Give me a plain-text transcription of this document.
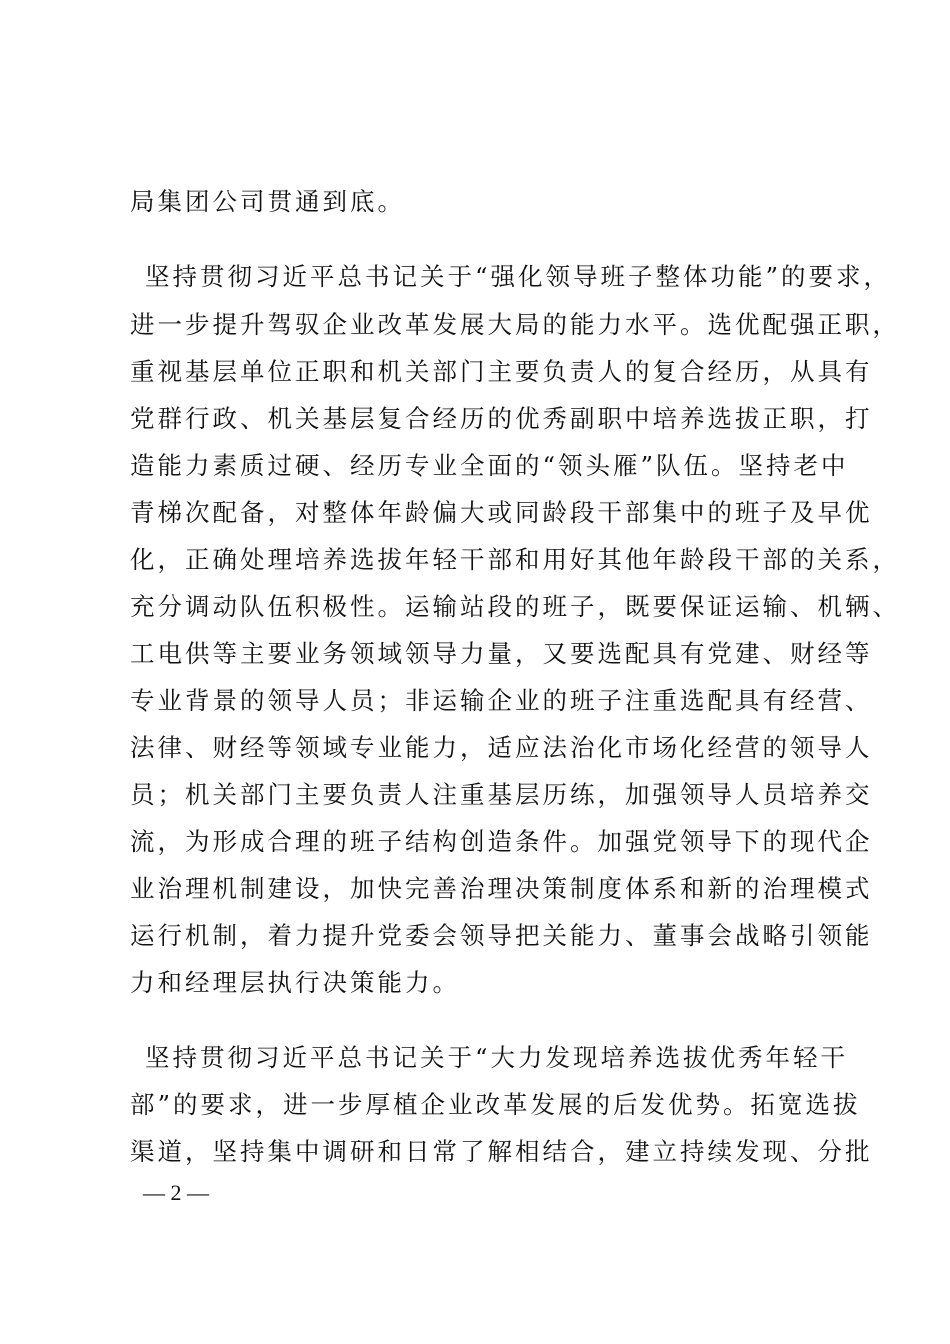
局集团公司贯通到底。
坚持贯彻习近平总书记关于“强化领导班子整体功能”的要求，
进一步提升驾驭企业改革发展大局的能力水平。选优配强正职，
重视基层单位正职和机关部门主要负责人的复合经历，从具有
党群行政、机关基层复合经历的优秀副职中培养选拔正职，打
造能力素质过硬、经历专业全面的“领头雁”队伍。坚持老中
青梯次配备，对整体年龄偏大或同龄段干部集中的班子及早优
化，正确处理培养选拔年轻干部和用好其他年龄段干部的关系，
充分调动队伍积极性。运输站段的班子，既要保证运输、机辆、
工电供等主要业务领域领导力量，又要选配具有党建、财经等
专业背景的领导人员；非运输企业的班子注重选配具有经营、
法律、财经等领域专业能力，适应法治化市场化经营的领导人
员；机关部门主要负责人注重基层历练，加强领导人员培养交
流，为形成合理的班子结构创造条件。加强党领导下的现代企
业治理机制建设，加快完善治理决策制度体系和新的治理模式
运行机制，着力提升党委会领导把关能力、董事会战略引领能
力和经理层执行决策能力。
坚持贯彻习近平总书记关于“大力发现培养选拔优秀年轻干
部”的要求，进一步厚植企业改革发展的后发优势。拓宽选拔
渠道，坚持集中调研和日常了解相结合，建立持续发现、分批
— 2 —
